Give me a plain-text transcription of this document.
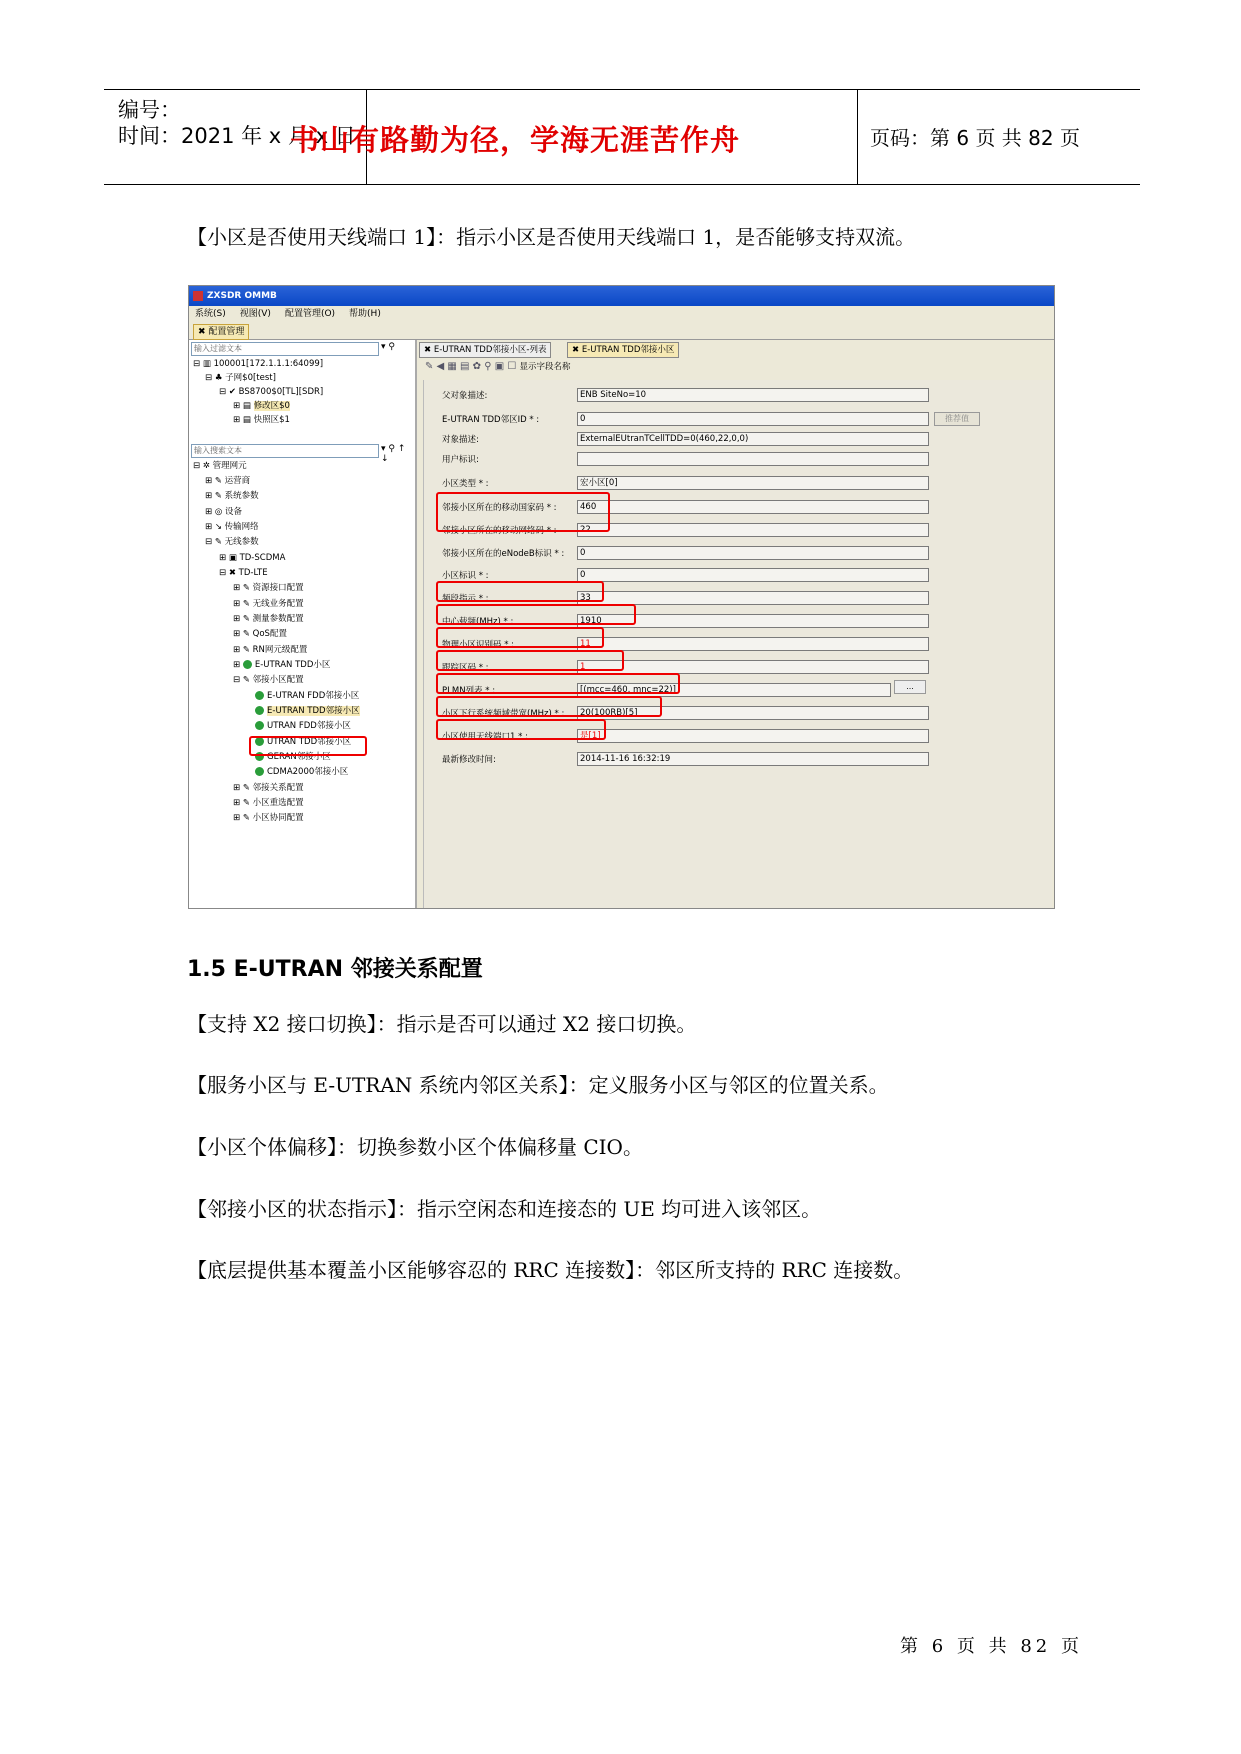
编号：
时间：2021 年 x 月 x 日	页码：第 6 页 共 82 页
书山有路勤为径，学海无涯苦作舟
【小区是否使用天线端口 1】：指示小区是否使用天线端口 1，是否能够支持双流。
ZXSDR OMMB
系统(S) 视图(V) 配置管理(O) 帮助(H)
✖ 配置管理
输入过滤文本	▾ ⚲
⊟ ▥ 100001[172.1.1.1:64099]
⊟ ♣ 子网$0[test]
⊟ ✔ BS8700$0[TL][SDR]
⊞ ▤ 修改区$0
⊞ ▤ 快照区$1
输入搜索文本	▾ ⚲ ↑ ↓
⊟ ✲ 管理网元
⊞ ✎ 运营商
⊞ ✎ 系统参数
⊞ ◎ 设备
⊞ ↘ 传输网络
⊟ ✎ 无线参数
⊞ ▣ TD-SCDMA
⊟ ✖ TD-LTE
⊞ ✎ 资源接口配置
⊞ ✎ 无线业务配置
⊞ ✎ 测量参数配置
⊞ ✎ QoS配置
⊞ ✎ RN网元级配置
⊞ E-UTRAN TDD小区
⊟ ✎ 邻接小区配置
E-UTRAN FDD邻接小区
E-UTRAN TDD邻接小区
UTRAN FDD邻接小区
UTRAN TDD邻接小区
GERAN邻接小区
CDMA2000邻接小区
⊞ ✎ 邻接关系配置
⊞ ✎ 小区重选配置
⊞ ✎ 小区协同配置
✖ E-UTRAN TDD邻接小区-列表	✖ E-UTRAN TDD邻接小区
✎ ◀ ▦ ▤ ✿ ⚲ ▣ ☐ 显示字段名称
父对象描述:	ENB SiteNo=10
E-UTRAN TDD邻区ID * :	0
对象描述:	ExternalEUtranTCellTDD=0(460,22,0,0)
用户标识:
小区类型 * :	宏小区[0]
邻接小区所在的移动国家码 * :	460
邻接小区所在的移动网络码 * :	22
邻接小区所在的eNodeB标识 * :	0
小区标识 * :	0
频段指示 * :	33
中心载频(MHz) * :	1910
物理小区识别码 * :	11
跟踪区码 * :	1
PLMN列表 * :	[(mcc=460, mnc=22)]
小区下行系统频域带宽(MHz) * :	20(100RB)[5]
小区使用天线端口1 * :	是[1]
最新修改时间:	2014-11-16 16:32:19
推荐值
...
1.5 E-UTRAN 邻接关系配置
【支持 X2 接口切换】：指示是否可以通过 X2 接口切换。
【服务小区与 E-UTRAN 系统内邻区关系】：定义服务小区与邻区的位置关系。
【小区个体偏移】：切换参数小区个体偏移量 CIO。
【邻接小区的状态指示】：指示空闲态和连接态的 UE 均可进入该邻区。
【底层提供基本覆盖小区能够容忍的 RRC 连接数】：邻区所支持的 RRC 连接数。
第 6 页 共 82 页
